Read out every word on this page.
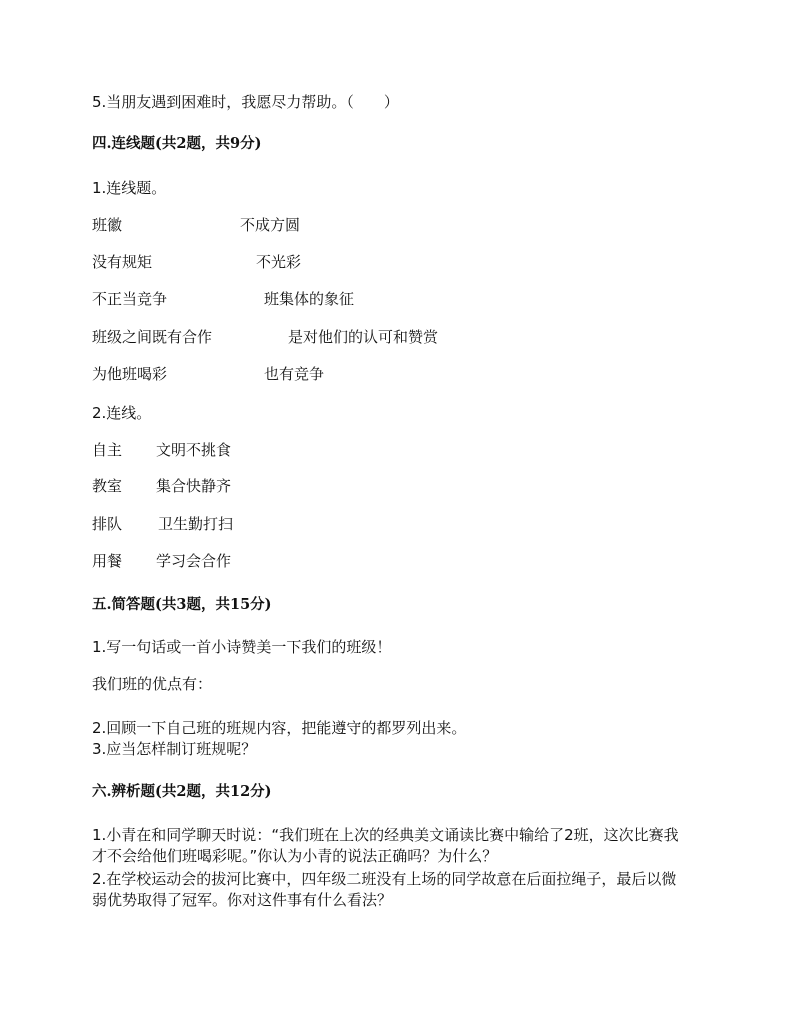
5.当朋友遇到困难时，我愿尽力帮助。（　　）
四.连线题(共2题，共9分)
1.连线题。
班徽	不成方圆
没有规矩	不光彩
不正当竞争	班集体的象征
班级之间既有合作	是对他们的认可和赞赏
为他班喝彩	也有竞争
2.连线。
自主 文明不挑食
教室 集合快静齐
排队 卫生勤打扫
用餐 学习会合作
五.简答题(共3题，共15分)
1.写一句话或一首小诗赞美一下我们的班级！
我们班的优点有：
2.回顾一下自己班的班规内容，把能遵守的都罗列出来。
3.应当怎样制订班规呢？
六.辨析题(共2题，共12分)
1.小青在和同学聊天时说：“我们班在上次的经典美文诵读比赛中输给了2班，这次比赛我
才不会给他们班喝彩呢。”你认为小青的说法正确吗？为什么？
2.在学校运动会的拔河比赛中，四年级二班没有上场的同学故意在后面拉绳子，最后以微
弱优势取得了冠军。你对这件事有什么看法？
